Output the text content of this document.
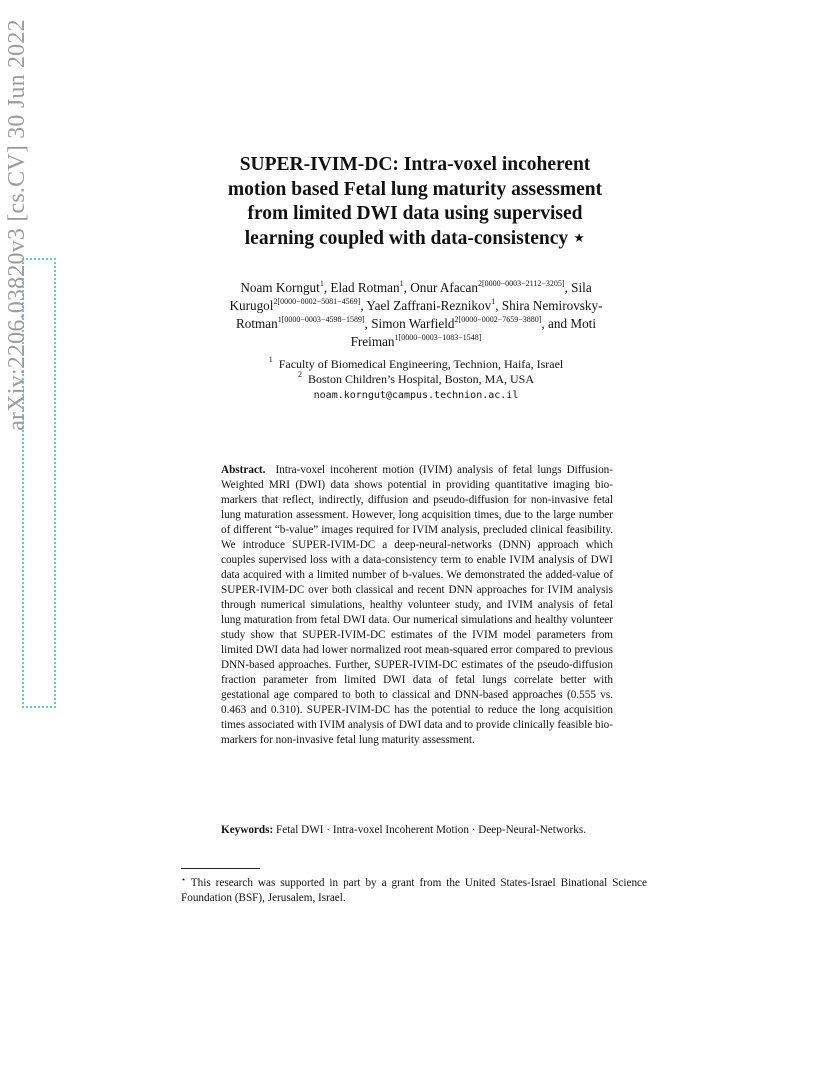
arXiv:2206.03820v3 [cs.CV] 30 Jun 2022	SUPER-IVIM-DC: Intra-voxel incoherent
motion based Fetal lung maturity assessment
from limited DWI data using supervised
learning coupled with data-consistency ⋆
Noam Korngut$^1$, Elad Rotman$^1$, Onur Afacan$^{2[0000-0003-2112-3205]}$, Sila Kurugol$^{2[0000-0002-5081-4569]}$, Yael Zaffrani-Reznikov$^1$, Shira Nemirovsky-Rotman$^{1[0000-0003-4598-1589]}$, Simon Warfield$^{2[0000-0002-7659-3880]}$, and Moti Freiman$^{1[0000-0003-1083-1548]}$
$^1$ Faculty of Biomedical Engineering, Technion, Haifa, Israel
$^2$ Boston Children’s Hospital, Boston, MA, USA
noam.korngut@campus.technion.ac.il
Abstract. Intra-voxel incoherent motion (IVIM) analysis of fetal lungs Diffusion-Weighted MRI (DWI) data shows potential in providing quantitative imaging bio-markers that reflect, indirectly, diffusion and pseudo-diffusion for non-invasive fetal lung maturation assessment. However, long acquisition times, due to the large number of different “b-value” images required for IVIM analysis, precluded clinical feasibility. We introduce SUPER-IVIM-DC a deep-neural-networks (DNN) approach which couples supervised loss with a data-consistency term to enable IVIM analysis of DWI data acquired with a limited number of b-values. We demonstrated the added-value of SUPER-IVIM-DC over both classical and recent DNN approaches for IVIM analysis through numerical simulations, healthy volunteer study, and IVIM analysis of fetal lung maturation from fetal DWI data. Our numerical simulations and healthy volunteer study show that SUPER-IVIM-DC estimates of the IVIM model parameters from limited DWI data had lower normalized root mean-squared error compared to previous DNN-based approaches. Further, SUPER-IVIM-DC estimates of the pseudo-diffusion fraction parameter from limited DWI data of fetal lungs correlate better with gestational age compared to both to classical and DNN-based approaches (0.555 vs. 0.463 and 0.310). SUPER-IVIM-DC has the potential to reduce the long acquisition times associated with IVIM analysis of DWI data and to provide clinically feasible bio-markers for non-invasive fetal lung maturity assessment.
Keywords: Fetal DWI · Intra-voxel Incoherent Motion · Deep-Neural-Networks.
⋆ This research was supported in part by a grant from the United States-Israel Binational Science Foundation (BSF), Jerusalem, Israel.
